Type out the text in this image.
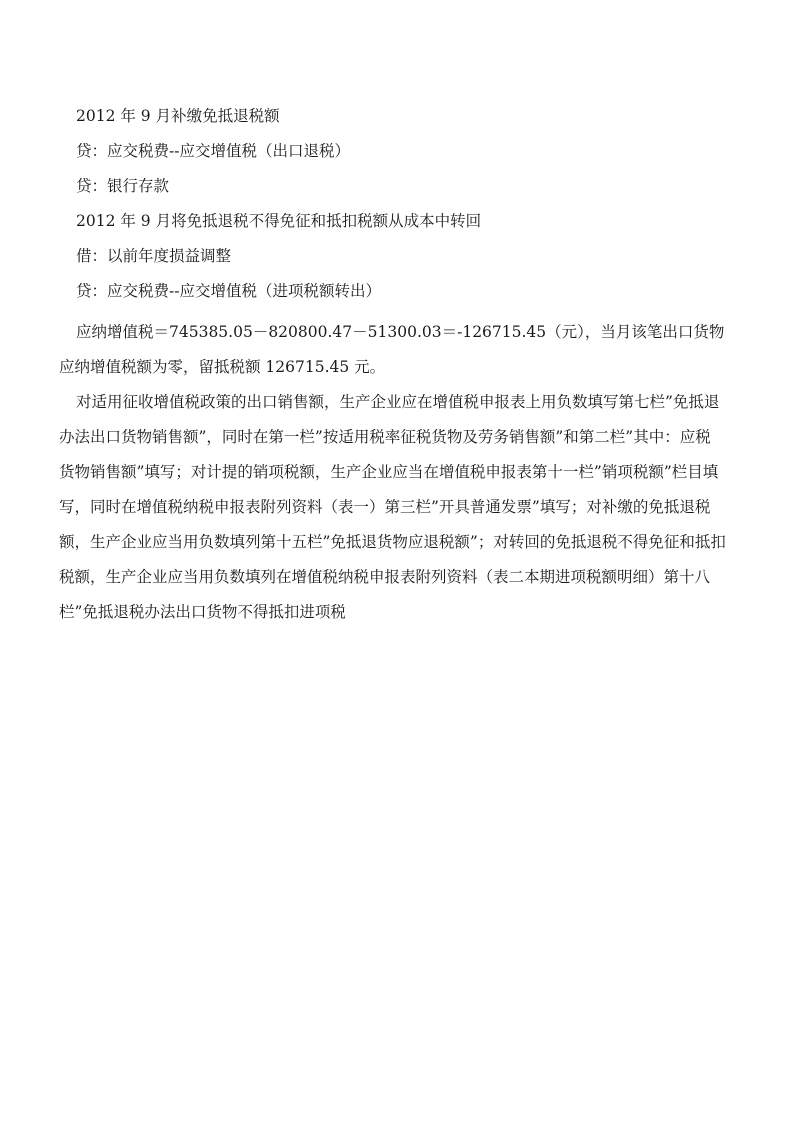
2012 年 9 月补缴免抵退税额
贷：应交税费--应交增值税（出口退税）
贷：银行存款
2012 年 9 月将免抵退税不得免征和抵扣税额从成本中转回
借：以前年度损益调整
贷：应交税费--应交增值税（进项税额转出）

应纳增值税＝745385.05－820800.47－51300.03＝-126715.45（元），当月该笔出口货物应纳增值税额为零，留抵税额 126715.45 元。

对适用征收增值税政策的出口销售额，生产企业应在增值税申报表上用负数填写第七栏”免抵退办法出口货物销售额”，同时在第一栏”按适用税率征税货物及劳务销售额”和第二栏”其中：应税货物销售额”填写；对计提的销项税额，生产企业应当在增值税申报表第十一栏”销项税额”栏目填写，同时在增值税纳税申报表附列资料（表一）第三栏”开具普通发票”填写；对补缴的免抵退税额，生产企业应当用负数填列第十五栏”免抵退货物应退税额”；对转回的免抵退税不得免征和抵扣税额，生产企业应当用负数填列在增值税纳税申报表附列资料（表二本期进项税额明细）第十八栏”免抵退税办法出口货物不得抵扣进项税
